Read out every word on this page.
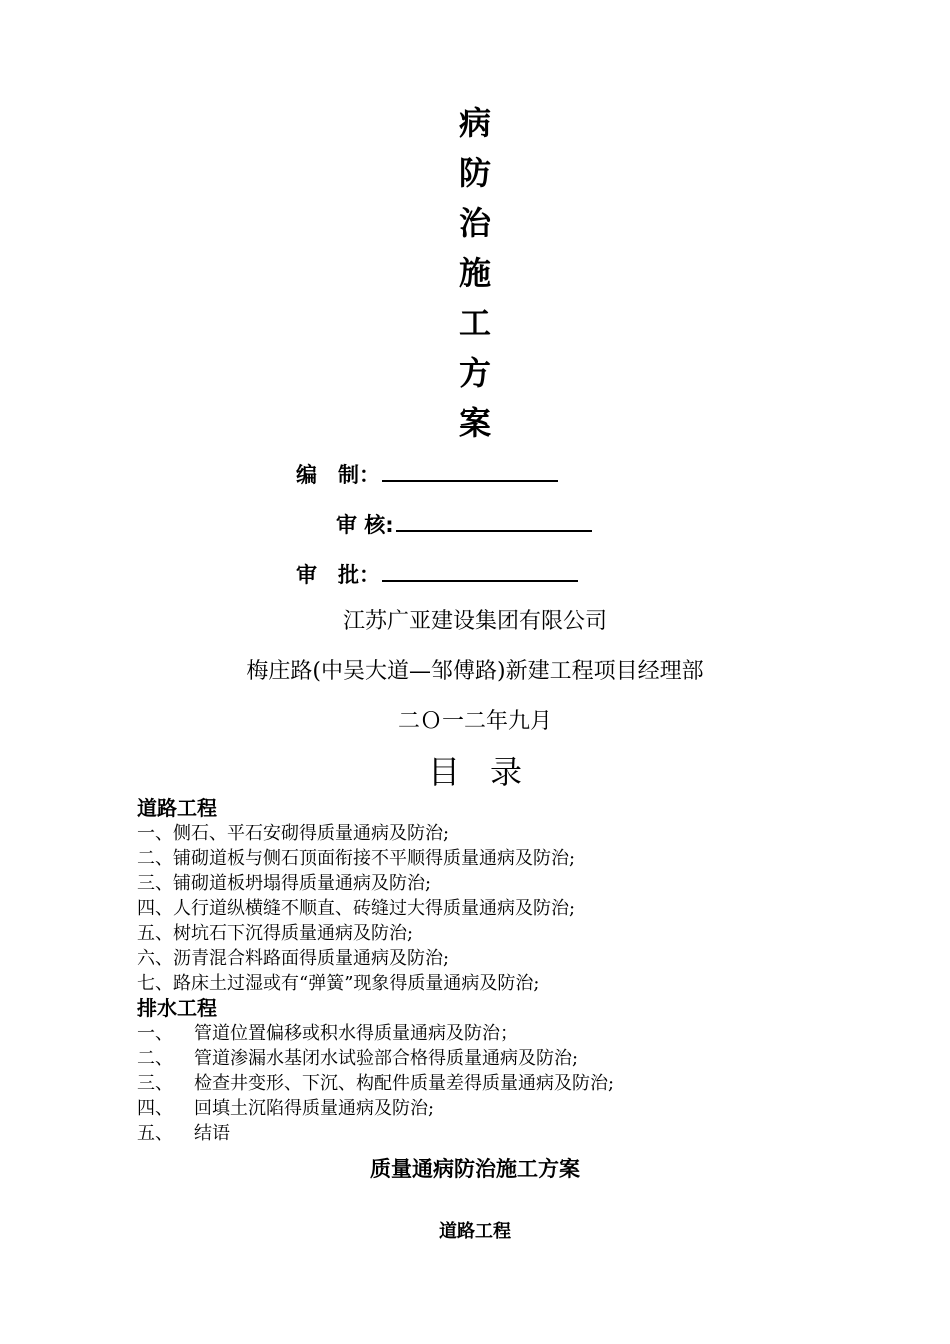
病
防
治
施
工
方
案
编　制：
审 核:
审　批：
江苏广亚建设集团有限公司
梅庄路(中吴大道—邹傅路)新建工程项目经理部
二Ｏ一二年九月
目录
道路工程
一、侧石、平石安砌得质量通病及防治;
二、铺砌道板与侧石顶面衔接不平顺得质量通病及防治;
三、铺砌道板坍塌得质量通病及防治;
四、人行道纵横缝不顺直、砖缝过大得质量通病及防治;
五、树坑石下沉得质量通病及防治;
六、沥青混合料路面得质量通病及防治;
七、路床土过湿或有“弹簧”现象得质量通病及防治;
排水工程
一、 管道位置偏移或积水得质量通病及防治；
二、 管道渗漏水基闭水试验部合格得质量通病及防治;
三、 检查井变形、下沉、构配件质量差得质量通病及防治;
四、 回填土沉陷得质量通病及防治;
五、 结语
质量通病防治施工方案
道路工程
